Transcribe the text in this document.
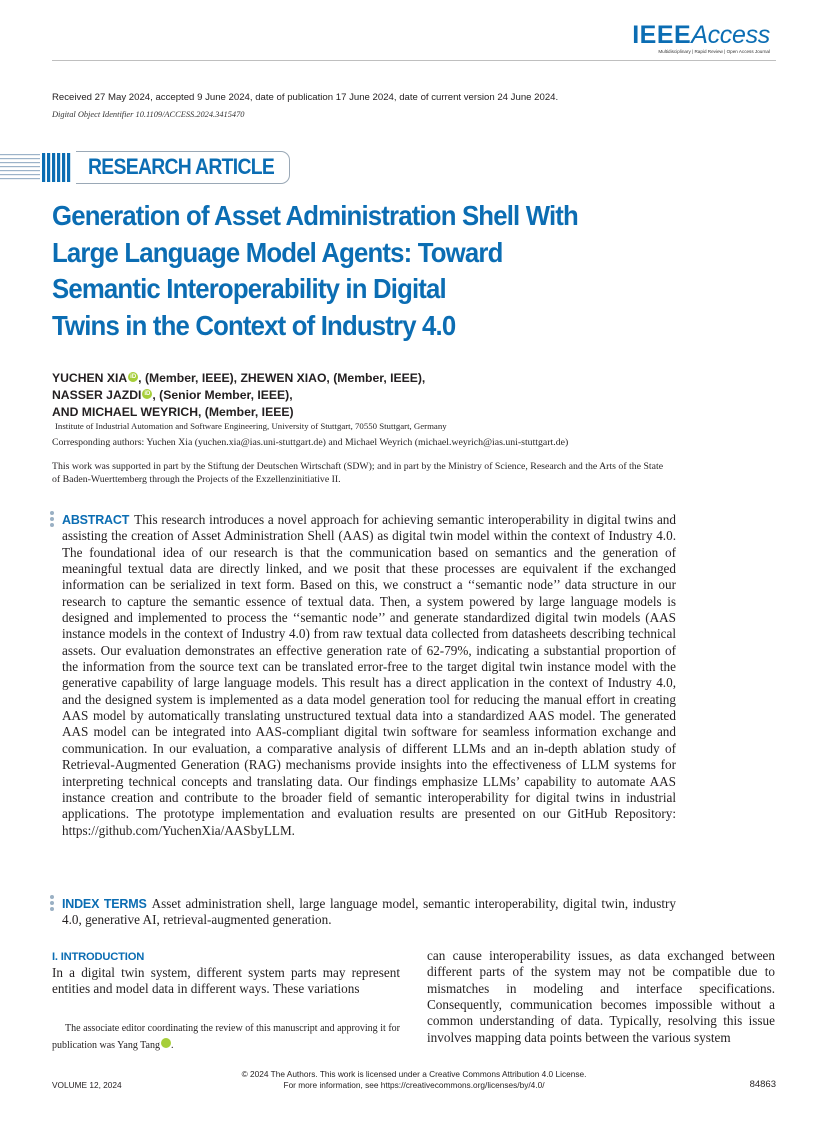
IEEEAccess
Multidisciplinary | Rapid Review | Open Access Journal
Received 27 May 2024, accepted 9 June 2024, date of publication 17 June 2024, date of current version 24 June 2024.
Digital Object Identifier 10.1109/ACCESS.2024.3415470
RESEARCH ARTICLE
Generation of Asset Administration Shell With
Large Language Model Agents: Toward
Semantic Interoperability in Digital
Twins in the Context of Industry 4.0
YUCHEN XIA iD , (Member, IEEE), ZHEWEN XIAO, (Member, IEEE),
NASSER JAZDI iD , (Senior Member, IEEE),
AND MICHAEL WEYRICH, (Member, IEEE)
Institute of Industrial Automation and Software Engineering, University of Stuttgart, 70550 Stuttgart, Germany
Corresponding authors: Yuchen Xia (yuchen.xia@ias.uni-stuttgart.de) and Michael Weyrich (michael.weyrich@ias.uni-stuttgart.de)
This work was supported in part by the Stiftung der Deutschen Wirtschaft (SDW); and in part by the Ministry of Science, Research and the Arts of the State of Baden-Wuerttemberg through the Projects of the Exzellenzinitiative II.
ABSTRACT This research introduces a novel approach for achieving semantic interoperability in digital twins and assisting the creation of Asset Administration Shell (AAS) as digital twin model within the context of Industry 4.0. The foundational idea of our research is that the communication based on semantics and the generation of meaningful textual data are directly linked, and we posit that these processes are equivalent if the exchanged information can be serialized in text form. Based on this, we construct a ‘‘semantic node’’ data structure in our research to capture the semantic essence of textual data. Then, a system powered by large language models is designed and implemented to process the ‘‘semantic node’’ and generate standardized digital twin models (AAS instance models in the context of Industry 4.0) from raw textual data collected from datasheets describing technical assets. Our evaluation demonstrates an effective generation rate of 62-79%, indicating a substantial proportion of the information from the source text can be translated error-free to the target digital twin instance model with the generative capability of large language models. This result has a direct application in the context of Industry 4.0, and the designed system is implemented as a data model generation tool for reducing the manual effort in creating AAS model by automatically translating unstructured textual data into a standardized AAS model. The generated AAS model can be integrated into AAS-compliant digital twin software for seamless information exchange and communication. In our evaluation, a comparative analysis of different LLMs and an in-depth ablation study of Retrieval-Augmented Generation (RAG) mechanisms provide insights into the effectiveness of LLM systems for interpreting technical concepts and translating data. Our findings emphasize LLMs’ capability to automate AAS instance creation and contribute to the broader field of semantic interoperability for digital twins in industrial applications. The prototype implementation and evaluation results are presented on our GitHub Repository: https://github.com/YuchenXia/AASbyLLM.
INDEX TERMS Asset administration shell, large language model, semantic interoperability, digital twin, industry 4.0, generative AI, retrieval-augmented generation.
I. INTRODUCTION
In a digital twin system, different system parts may represent entities and model data in different ways. These variations
can cause interoperability issues, as data exchanged between different parts of the system may not be compatible due to mismatches in modeling and interface specifications. Consequently, communication becomes impossible without a common understanding of data. Typically, resolving this issue involves mapping data points between the various system
The associate editor coordinating the review of this manuscript and approving it for publication was Yang Tang iD.
© 2024 The Authors. This work is licensed under a Creative Commons Attribution 4.0 License.
For more information, see https://creativecommons.org/licenses/by/4.0/
VOLUME 12, 2024	84863
